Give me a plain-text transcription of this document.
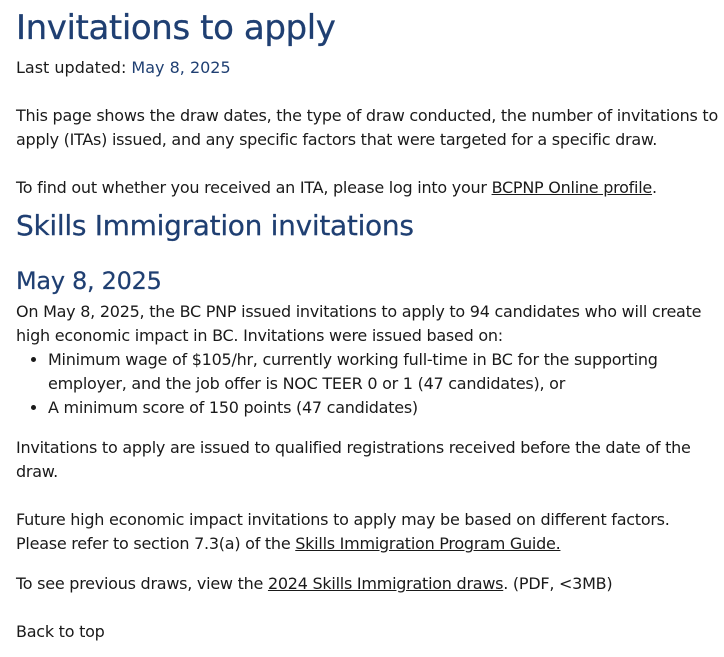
Invitations to apply
Last updated: May 8, 2025

This page shows the draw dates, the type of draw conducted, the number of invitations to apply (ITAs) issued, and any specific factors that were targeted for a specific draw.

To find out whether you received an ITA, please log into your BCPNP Online profile.

Skills Immigration invitations
May 8, 2025

On May 8, 2025, the BC PNP issued invitations to apply to 94 candidates who will create high economic impact in BC. Invitations were issued based on:

• Minimum wage of $105/hr, currently working full-time in BC for the supporting employer, and the job offer is NOC TEER 0 or 1 (47 candidates), or
• A minimum score of 150 points (47 candidates)

Invitations to apply are issued to qualified registrations received before the date of the draw.

Future high economic impact invitations to apply may be based on different factors. Please refer to section 7.3(a) of the Skills Immigration Program Guide.

To see previous draws, view the 2024 Skills Immigration draws. (PDF, <3MB)

Back to top
